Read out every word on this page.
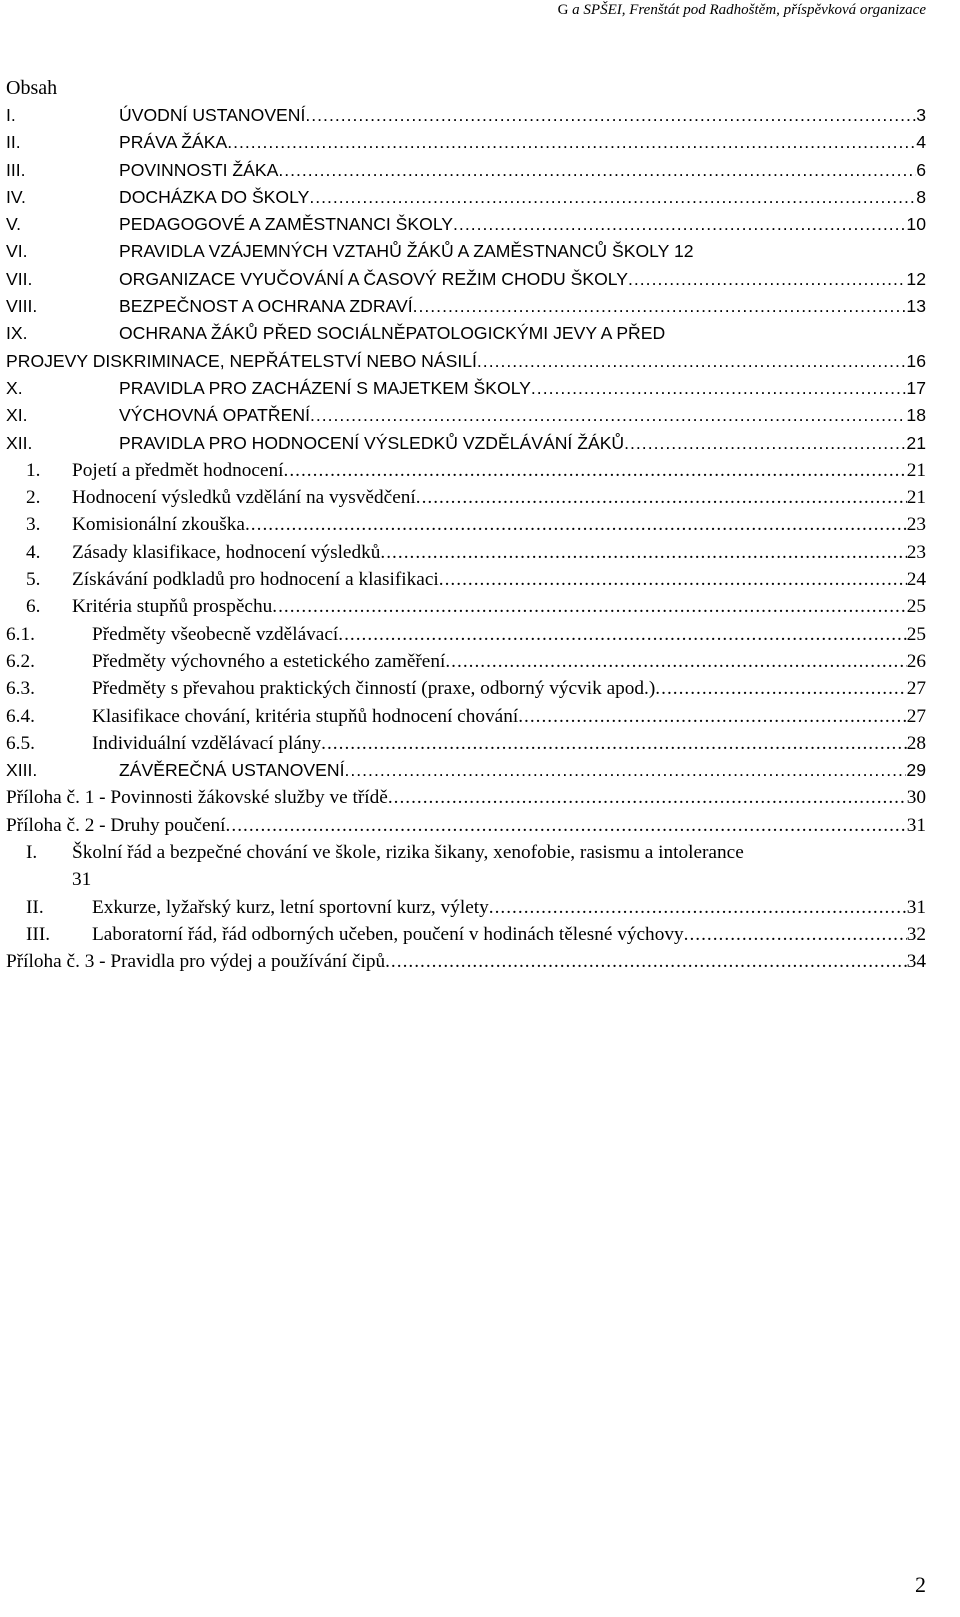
G a SPŠEI, Frenštát pod Radhoštěm, příspěvková organizace
Obsah
I.	ÚVODNÍ USTANOVENÍ .....	3
II.	PRÁVA ŽÁKA .....	4
III.	POVINNOSTI ŽÁKA .....	6
IV.	DOCHÁZKA DO ŠKOLY .....	8
V.	PEDAGOGOVÉ A ZAMĚSTNANCI ŠKOLY .....	10
VI.	PRAVIDLA VZÁJEMNÝCH VZTAHŮ ŽÁKŮ A ZAMĚSTNANCŮ ŠKOLY 12
VII.	ORGANIZACE VYUČOVÁNÍ A ČASOVÝ REŽIM CHODU ŠKOLY .....	12
VIII.	BEZPEČNOST A OCHRANA ZDRAVÍ .....	13
IX.	OCHRANA ŽÁKŮ PŘED SOCIÁLNĚPATOLOGICKÝMI JEVY A PŘED
PROJEVY DISKRIMINACE, NEPŘÁTELSTVÍ NEBO NÁSILÍ .....	16
X.	PRAVIDLA PRO ZACHÁZENÍ S MAJETKEM ŠKOLY .....	17
XI.	VÝCHOVNÁ OPATŘENÍ .....	18
XII.	PRAVIDLA PRO HODNOCENÍ VÝSLEDKŮ VZDĚLÁVÁNÍ ŽÁKŮ .....	21
1.	Pojetí a předmět hodnocení .....	21
2.	Hodnocení výsledků vzdělání na vysvědčení .....	21
3.	Komisionální zkouška .....	23
4.	Zásady klasifikace, hodnocení výsledků .....	23
5.	Získávání podkladů pro hodnocení a klasifikaci .....	24
6.	Kritéria stupňů prospěchu .....	25
6.1.	Předměty všeobecně vzdělávací .....	25
6.2.	Předměty výchovného a estetického zaměření .....	26
6.3.	Předměty s převahou praktických činností (praxe, odborný výcvik apod.) .....	27
6.4.	Klasifikace chování, kritéria stupňů hodnocení chování .....	27
6.5.	Individuální vzdělávací plány .....	28
XIII.	ZÁVĚREČNÁ USTANOVENÍ .....	29
Příloha č. 1 - Povinnosti žákovské služby ve třídě .....	30
Příloha č. 2 - Druhy poučení .....	31
I.	Školní řád a bezpečné chování ve škole, rizika šikany, xenofobie, rasismu a intolerance
31
II.	Exkurze, lyžařský kurz, letní sportovní kurz, výlety .....	31
III.	Laboratorní řád, řád odborných učeben, poučení v hodinách tělesné výchovy .....	32
Příloha č. 3 - Pravidla pro výdej a používání čipů .....	34
2
